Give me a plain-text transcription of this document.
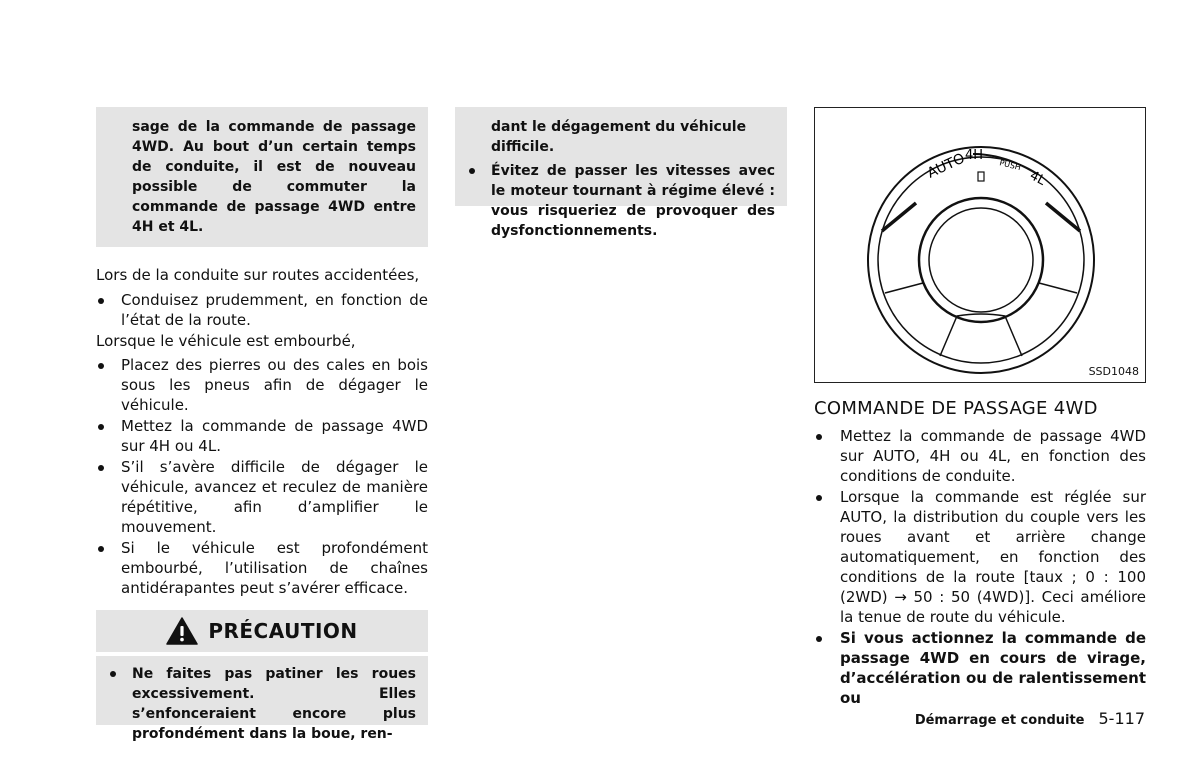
sage de la commande de passage 4WD. Au bout d’un certain temps de conduite, il est de nouveau possible de commuter la commande de passage 4WD entre 4H et 4L.

Lors de la conduite sur routes accidentées,

Conduisez prudemment, en fonction de l’état de la route.

Lorsque le véhicule est embourbé,

Placez des pierres ou des cales en bois sous les pneus afin de dégager le véhicule.
Mettez la commande de passage 4WD sur 4H ou 4L.
S’il s’avère difficile de dégager le véhicule, avancez et reculez de manière répétitive, afin d’amplifier le mouvement.
Si le véhicule est profondément embourbé, l’utilisation de chaînes antidérapantes peut s’avérer efficace.
PRÉCAUTION
Ne faites pas patiner les roues excessivement. Elles s’enfonceraient encore plus profondément dans la boue, ren-
dant le dégagement du véhicule difficile.
Évitez de passer les vitesses avec le moteur tournant à régime élevé : vous risqueriez de provoquer des dysfonctionnements.
AUTO
4H
PUSH
4L
SSD1048
COMMANDE DE PASSAGE 4WD
Mettez la commande de passage 4WD sur AUTO, 4H ou 4L, en fonction des conditions de conduite.
Lorsque la commande est réglée sur AUTO, la distribution du couple vers les roues avant et arrière change automatiquement, en fonction des conditions de la route [taux ; 0 : 100 (2WD) → 50 : 50 (4WD)]. Ceci améliore la tenue de route du véhicule.
Si vous actionnez la commande de passage 4WD en cours de virage, d’accélération ou de ralentissement ou
Démarrage et conduite 5-117
